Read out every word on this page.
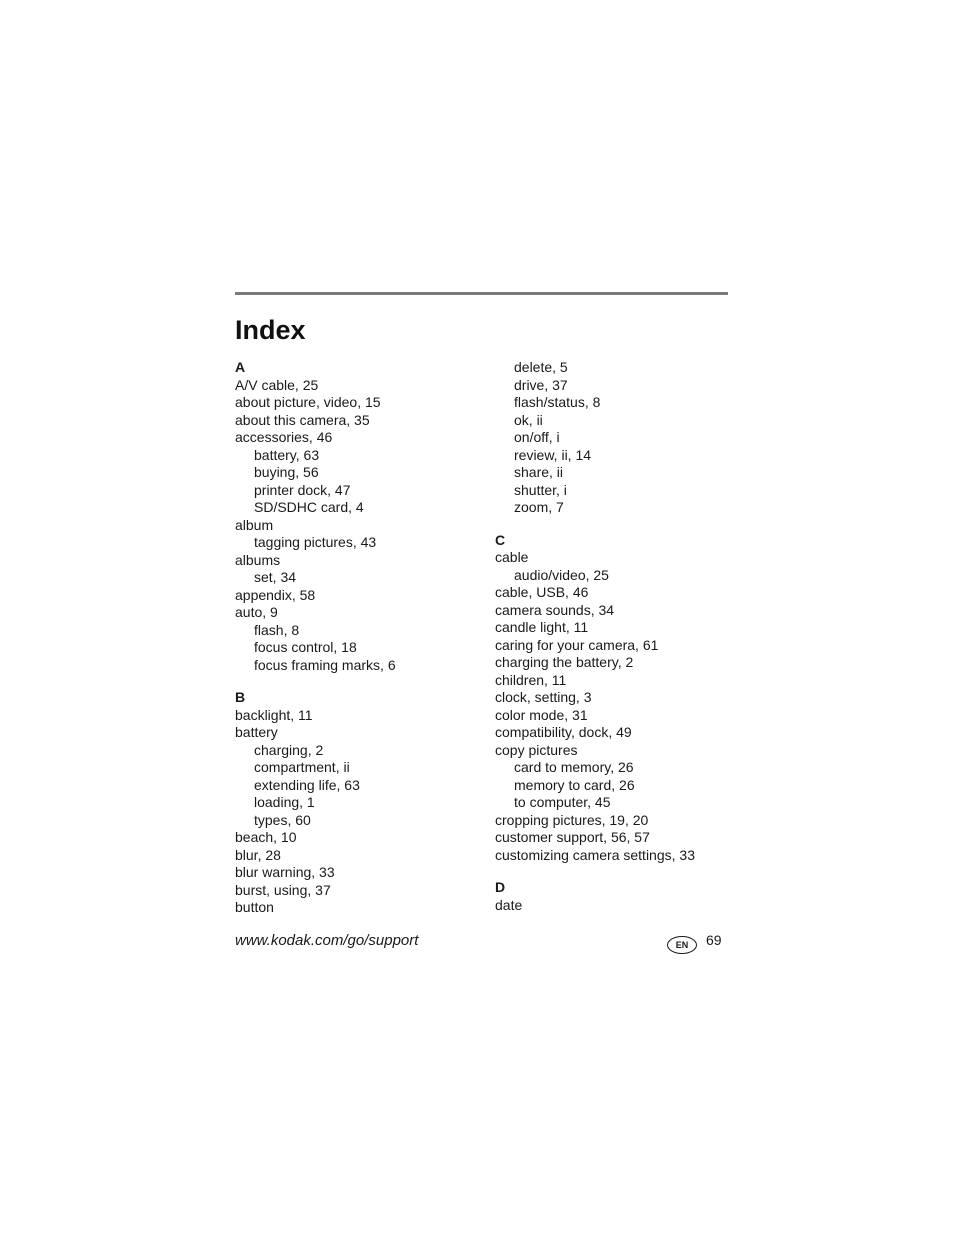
Index
A
A/V cable, 25
about picture, video, 15
about this camera, 35
accessories, 46
battery, 63
buying, 56
printer dock, 47
SD/SDHC card, 4
album
tagging pictures, 43
albums
set, 34
appendix, 58
auto, 9
flash, 8
focus control, 18
focus framing marks, 6
B
backlight, 11
battery
charging, 2
compartment, ii
extending life, 63
loading, 1
types, 60
beach, 10
blur, 28
blur warning, 33
burst, using, 37
button
delete, 5
drive, 37
flash/status, 8
ok, ii
on/off, i
review, ii, 14
share, ii
shutter, i
zoom, 7
C
cable
audio/video, 25
cable, USB, 46
camera sounds, 34
candle light, 11
caring for your camera, 61
charging the battery, 2
children, 11
clock, setting, 3
color mode, 31
compatibility, dock, 49
copy pictures
card to memory, 26
memory to card, 26
to computer, 45
cropping pictures, 19, 20
customer support, 56, 57
customizing camera settings, 33
D
date
www.kodak.com/go/support	EN	69
